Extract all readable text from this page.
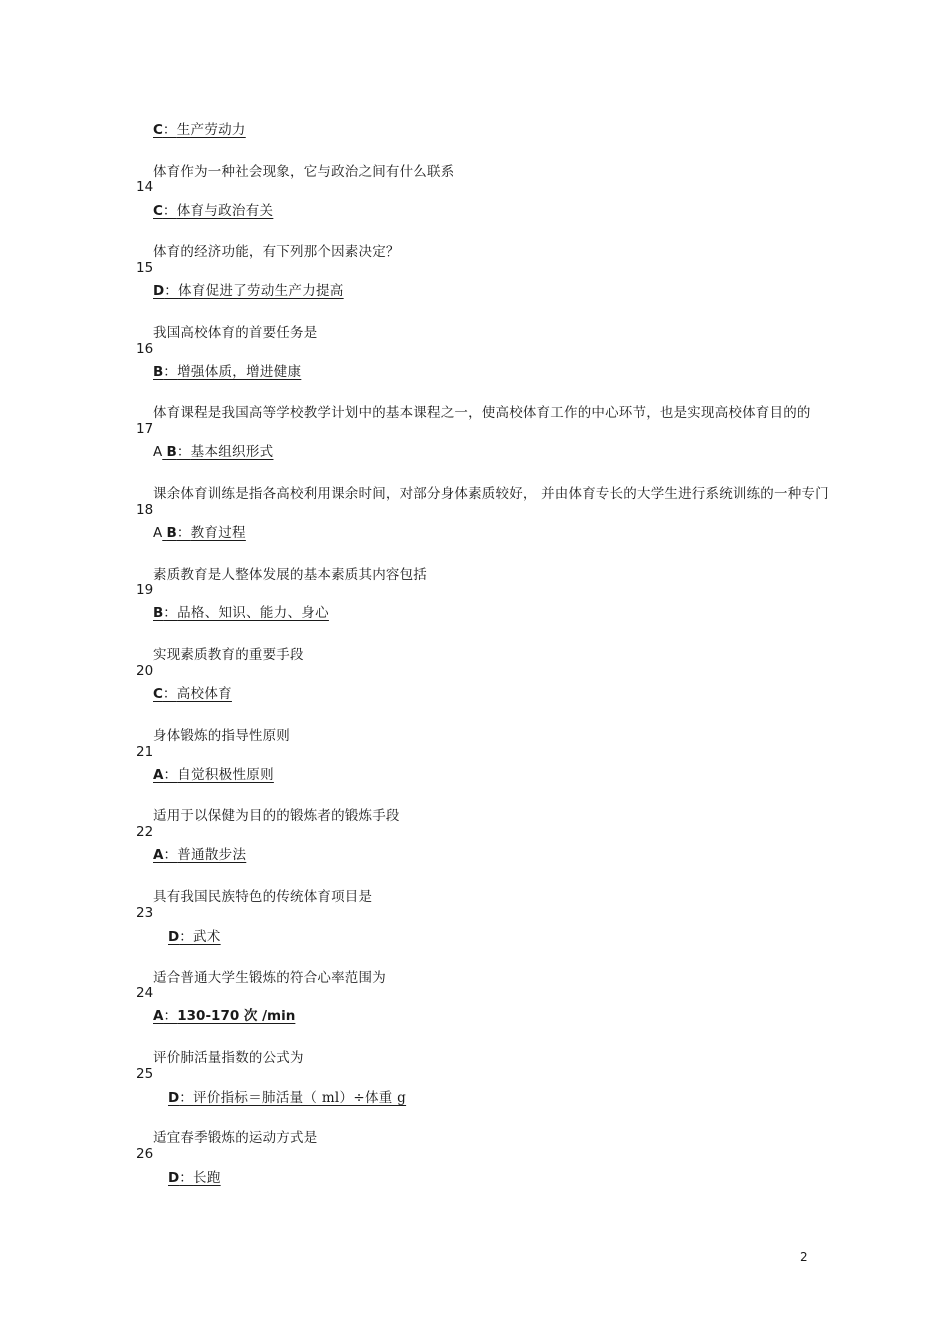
C：生产劳动力
体育作为一种社会现象，它与政治之间有什么联系
14
C：体育与政治有关
体育的经济功能，有下列那个因素决定？
15
D：体育促进了劳动生产力提高
我国高校体育的首要任务是
16
B：增强体质，增进健康
体育课程是我国高等学校教学计划中的基本课程之一，使高校体育工作的中心环节，也是实现高校体育目的的
17
A B：基本组织形式
课余体育训练是指各高校利用课余时间，对部分身体素质较好， 并由体育专长的大学生进行系统训练的一种专门
18
A B：教育过程
素质教育是人整体发展的基本素质其内容包括
19
B：品格、知识、能力、身心
实现素质教育的重要手段
20
C：高校体育
身体锻炼的指导性原则
21
A：自觉积极性原则
适用于以保健为目的的锻炼者的锻炼手段
22
A：普通散步法
具有我国民族特色的传统体育项目是
23
D：武术
适合普通大学生锻炼的符合心率范围为
24
A：130-170 次 /min
评价肺活量指数的公式为
25
D：评价指标＝肺活量（ ml）÷体重 g
适宜春季锻炼的运动方式是
26
D：长跑
2
